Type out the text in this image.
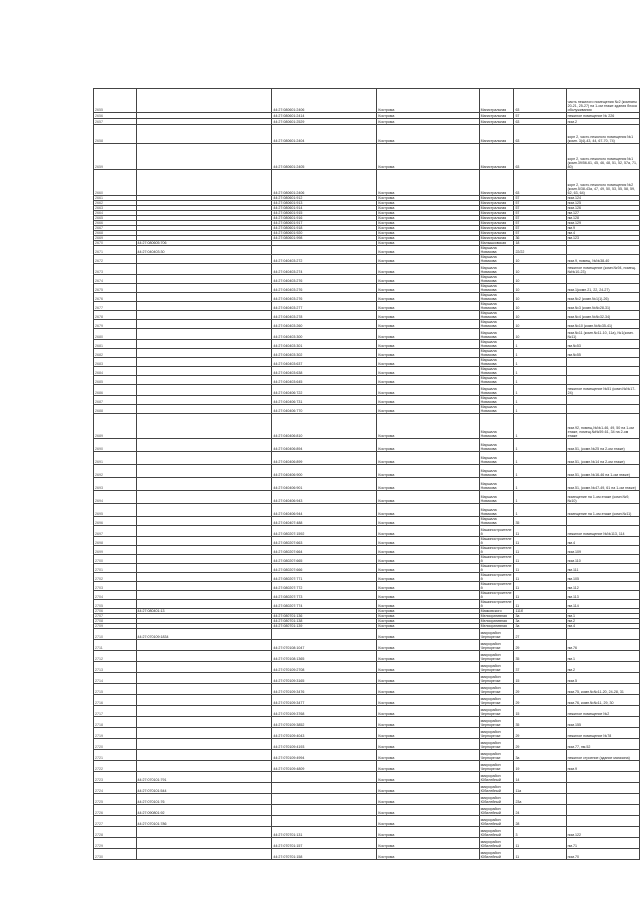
2655		44:27:080601:2406	Кострома	Магистральная	63	часть нежилого помещения №2 (комнаты 20-21, 25-27) на 1-ом этаже здания блока обслуживания
2656		44:27:080601:2414	Кострома	Магистральная	57	нежилое помещение № 226
2657		44:27:080601:2529	Кострома	Магистральная	63	пом.2
2658		44:27:080601:2404	Кострома	Магистральная	63	корп 2, часть нежилого помещения №1 (комн. 3(4)-43, 44, 67-70, 74)
2659		44:27:080601:2405	Кострома	Магистральная	63	корп 2, часть нежилого помещения №1 (комн.39/56-61, 45, 46, 48, 51, 52, 57а, 71, 80)
2660		44:27:080601:2406	Кострома	Магистральная	63	корп 2, часть нежилого помещения №2 (комн.5/38-43а, 47, 49, 50, 53, 55, 58, 59, 62, 63, 64)
2661		44:27:080601:912	Кострома	Магистральная	57	пом.124
2662		44:27:080601:913	Кострома	Магистральная	57	пом.125
2663		44:27:080601:914	Кострома	Магистральная	57	пом.126
2664		44:27:080601:915	Кострома	Магистральная	57	пм.127
2665		44:27:080601:916	Кострома	Магистральная	57	пм.128
2666		44:27:080601:917	Кострома	Магистральная	57	пом.129
2667		44:27:080601:918	Кострома	Магистральная	57	пм.9
2668		44:27:080601:920	Кострома	Магистральная	57	пм.4
2669		44:27:080601:998	Кострома	Магистральная	36	пм.123
2670	44:27:080605:706		Кострома	Малышковская	18	
2671	44:27:040403:30		Кострома	Маршала Новикова	22/22	
2672		44:27:040403:272	Кострома	Маршала Новикова	10	пом.9, помещ. №№38-40
2673		44:27:040403:274	Кострома	Маршала Новикова	10	нежилое помещение (комн.№94, помещ.№№10-23)
2674		44:27:040403:276	Кострома	Маршала Новикова	10	
2675		44:27:040403:276	Кострома	Маршала Новикова	10	пом.1(комн.21, 22, 24-27)
2676		44:27:040403:276	Кострома	Маршала Новикова	10	пом.№2 (комн.№1(1)-26)
2677		44:27:040403:277	Кострома	Маршала Новикова	10	пом.№3 (комн.№№28-31)
2678		44:27:040403:278	Кострома	Маршала Новикова	10	пом.№4 (комн.№№32-34)
2679		44:27:040403:260	Кострома	Маршала Новикова	10	пом.№10 (комн.№№35-41)
2680		44:27:040403:300	Кострома	Маршала Новикова	10	пом.№11 (комн.№11-10, 11а), №1(комн.№11)
2681		44:27:040403:301	Кострома	Маршала Новикова	1	пм.№53
2682		44:27:040403:302	Кострома	Маршала Новикова	1	пм.№55
2683		44:27:040403:637	Кострома	Маршала Новикова	1	
2684		44:27:040403:638	Кострома	Маршала Новикова	1	
2685		44:27:040403:645	Кострома	Маршала Новикова	1	
2686		44:27:040406:722	Кострома	Маршала Новикова	1	нежилое помещение №51 (комн.№№17-24)
2687		44:27:040406:731	Кострома	Маршала Новикова	1	
2688		44:27:040406:770	Кострома	Маршала Новикова	1	
2689		44:27:040406:810	Кострома	Маршала Новикова	1	пом.92, помещ.№№1-46, 49, 50 на 1-ом этаже, помещ.№№59-61, 34 на 2-ом этаже
2690		44:27:040406:894	Кострома	Маршала Новикова	1	пом.51, (комн.№25 на 2-ом этаже)
2691		44:27:040406:899	Кострома	Маршала Новикова	1	пом.51, (комн.№14 на 2-ом этаже)
2692		44:27:040406:900	Кострома	Маршала Новикова	1	пом.51, (комн.№16-46 на 1-ом этаже)
2693		44:27:040406:901	Кострома	Маршала Новикова	1	пом.51, (комн.№47-49, 61 на 1-ом этаже)
2694		44:27:040406:943	Кострома	Маршала Новикова	1	помещение на 1-ом этаже (комн.№9, №10)
2695		44:27:040406:944	Кострома	Маршала Новикова	1	помещение на 1-ом этаже (комн.№11)
2696		44:27:040407:488	Кострома	Маршала Новикова	35	
2697		44:27:080207:1592	Кострома	Машиностроителей	11	нежилое помещение №№113, 114
2698		44:27:080207:663	Кострома	Машиностроителей	11	пм.4
2699		44:27:080207:664	Кострома	Машиностроителей	11	пом.109
2700		44:27:080207:665	Кострома	Машиностроителей	11	пом.110
2701		44:27:080207:666	Кострома	Машиностроителей	11	пм.111
2702		44:27:080207:771	Кострома	Машиностроителей	11	пм.105
2703		44:27:080207:772	Кострома	Машиностроителей	11	пм.112
2704		44:27:080207:773	Кострома	Машиностроителей	11	пм.113
2705		44:27:080207:774	Кострома	Машиностроителей	11	пм.114
2706	44:27:080401:13		Кострома	Маяковского	111б	
2707		44:27:080701:136	Кострома	Мелиоративная	3а	пм.1
2708		44:27:080701:138	Кострома	Мелиоративная	3а	пм.2
2709		44:27:080701:139	Кострома	Мелиоративная	3а	пм.4
2710	44:27:070109:1834		Кострома	микрорайон Черноречье	27	
2711		44:27:070108:1047	Кострома	микрорайон Черноречье	29	пм.76
2712		44:27:070108:1365	Кострома	микрорайон Черноречье	35	пм.1
2713		44:27:070109:2708	Кострома	микрорайон Черноречье	37	пм.2
2714		44:27:070109:3165	Кострома	микрорайон Черноречье	15	пом.5
2715		44:27:070109:3476	Кострома	микрорайон Черноречье	29	пом.75, комн.№№11-20, 24-28, 31
2716		44:27:070109:3477	Кострома	микрорайон Черноречье	29	пом.76, комн.№№11, 29, 30
2717		44:27:070109:3768	Кострома	микрорайон Черноречье	15	нежилое помещение №2
2718		44:27:070109:3852	Кострома	микрорайон Черноречье	35	пом.155
2719		44:27:070109:4043	Кострома	микрорайон Черноречье	29	нежилое помещение №78
2720		44:27:070109:4193	Кострома	микрорайон Черноречье	29	пом.77, пм.52
2721		44:27:070109:4994	Кострома	микрорайон Черноречье	3а	нежилое строение (здание магазина)
2722		44:27:070109:4809	Кострома	микрорайон Черноречье	19	пом.9
2723	44:27:070101:791		Кострома	микрорайон Юбилейный	14	
2724	44:27:070101:544		Кострома	микрорайон Юбилейный	11а	
2725	44:27:070101:76		Кострома	микрорайон Юбилейный	23а	
2726	44:27:090801:92		Кострома	микрорайон Юбилейный	24	
2727	44:27:070101:786		Кострома	микрорайон Юбилейный	28	
2728		44:27:070701:131	Кострома	микрорайон Юбилейный	3	пом.122
2729		44:27:070701:157	Кострома	микрорайон Юбилейный	11	пм.71
2730		44:27:070701:158	Кострома	микрорайон Юбилейный	11	пом.70
